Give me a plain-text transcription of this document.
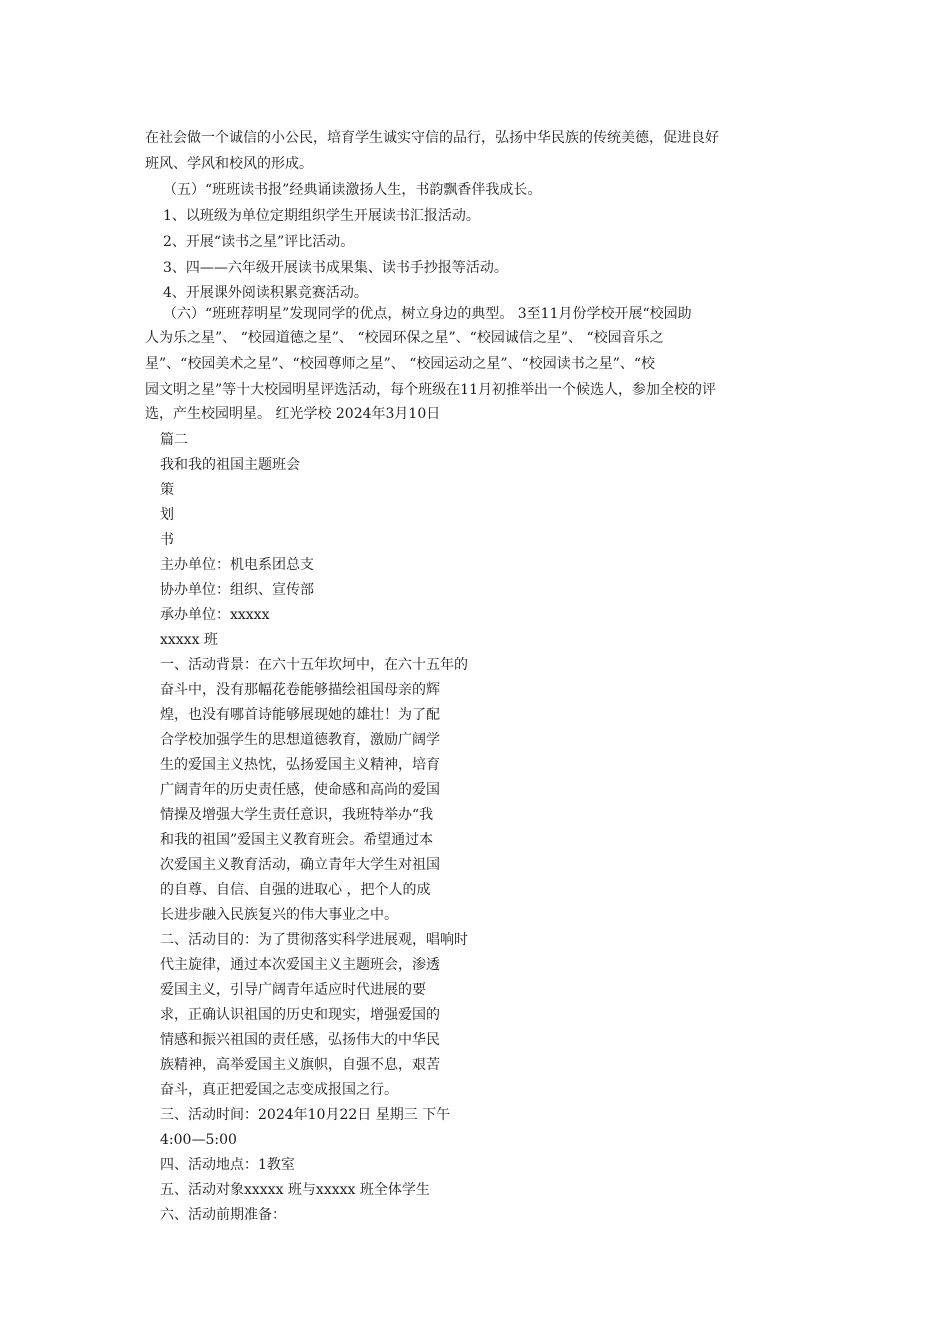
在社会做一个诚信的小公民，培育学生诚实守信的品行，弘扬中华民族的传统美德，促进良好

班风、学风和校风的形成。

（五）“班班读书报”经典诵读激扬人生，书韵飘香伴我成长。

1、以班级为单位定期组织学生开展读书汇报活动。

2、开展“读书之星”评比活动。

3、四——六年级开展读书成果集、读书手抄报等活动。

4、开展课外阅读积累竞赛活动。

（六）“班班荐明星”发现同学的优点，树立身边的典型。 3至11月份学校开展“校园助

人为乐之星”、 “校园道德之星”、 “校园环保之星”、“校园诚信之星”、 “校园音乐之

星”、“校园美术之星”、“校园尊师之星”、 “校园运动之星”、“校园读书之星”、“校

园文明之星”等十大校园明星评选活动，每个班级在11月初推举出一个候选人，参加全校的评

选，产生校园明星。 红光学校 2024年3月10日

篇二

我和我的祖国主题班会

策

划

书

主办单位：机电系团总支

协办单位：组织、宣传部

承办单位：xxxxx

xxxxx 班

一、活动背景：在六十五年坎坷中，在六十五年的

奋斗中，没有那幅花卷能够描绘祖国母亲的辉

煌，也没有哪首诗能够展现她的雄壮！为了配

合学校加强学生的思想道德教育，激励广阔学

生的爱国主义热忱，弘扬爱国主义精神，培育

广阔青年的历史责任感，使命感和高尚的爱国

情操及增强大学生责任意识，我班特举办“我

和我的祖国”爱国主义教育班会。希望通过本

次爱国主义教育活动，确立青年大学生对祖国

的自尊、自信、自强的进取心 ，把个人的成

长进步融入民族复兴的伟大事业之中。

二、活动目的：为了贯彻落实科学进展观，唱响时

代主旋律，通过本次爱国主义主题班会，渗透

爱国主义，引导广阔青年适应时代进展的要

求，正确认识祖国的历史和现实，增强爱国的

情感和振兴祖国的责任感，弘扬伟大的中华民

族精神，高举爱国主义旗帜，自强不息，艰苦

奋斗，真正把爱国之志变成报国之行。

三、活动时间：2024年10月22日 星期三 下午

4:00—5:00

四、活动地点：1教室

五、活动对象xxxxx 班与xxxxx 班全体学生

六、活动前期准备：
